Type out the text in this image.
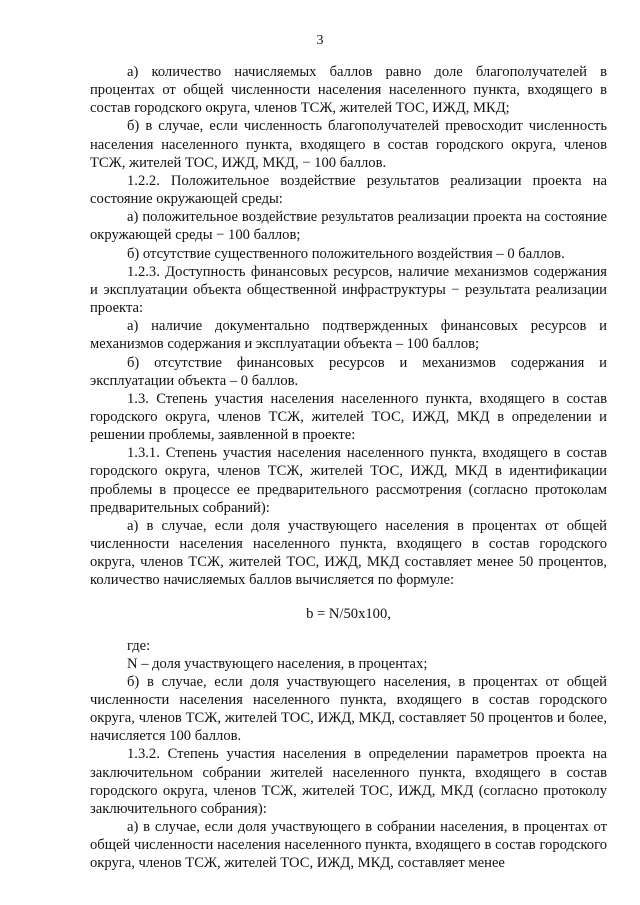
3

а) количество начисляемых баллов равно доле благополучателей в процентах от общей численности населения населенного пункта, входящего в состав городского округа, членов ТСЖ, жителей ТОС, ИЖД, МКД;

б) в случае, если численность благополучателей превосходит численность населения населенного пункта, входящего в состав городского округа, членов ТСЖ, жителей ТОС, ИЖД, МКД, − 100 баллов.

1.2.2. Положительное воздействие результатов реализации проекта на состояние окружающей среды:

а) положительное воздействие результатов реализации проекта на состояние окружающей среды − 100 баллов;

б) отсутствие существенного положительного воздействия – 0 баллов.

1.2.3. Доступность финансовых ресурсов, наличие механизмов содержания и эксплуатации объекта общественной инфраструктуры − результата реализации проекта:

а) наличие документально подтвержденных финансовых ресурсов и механизмов содержания и эксплуатации объекта – 100 баллов;

б) отсутствие финансовых ресурсов и механизмов содержания и эксплуатации объекта – 0 баллов.

1.3. Степень участия населения населенного пункта, входящего в состав городского округа, членов ТСЖ, жителей ТОС, ИЖД, МКД в определении и решении проблемы, заявленной в проекте:

1.3.1. Степень участия населения населенного пункта, входящего в состав городского округа, членов ТСЖ, жителей ТОС, ИЖД, МКД в идентификации проблемы в процессе ее предварительного рассмотрения (согласно протоколам предварительных собраний):

а) в случае, если доля участвующего населения в процентах от общей численности населения населенного пункта, входящего в состав городского округа, членов ТСЖ, жителей ТОС, ИЖД, МКД составляет менее 50 процентов, количество начисляемых баллов вычисляется по формуле:

b = N/50x100,

где:

N – доля участвующего населения, в процентах;

б) в случае, если доля участвующего населения, в процентах от общей численности населения населенного пункта, входящего в состав городского округа, членов ТСЖ, жителей ТОС, ИЖД, МКД, составляет 50 процентов и более, начисляется 100 баллов.

1.3.2. Степень участия населения в определении параметров проекта на заключительном собрании жителей населенного пункта, входящего в состав городского округа, членов ТСЖ, жителей ТОС, ИЖД, МКД (согласно протоколу заключительного собрания):

а) в случае, если доля участвующего в собрании населения, в процентах от общей численности населения населенного пункта, входящего в состав городского округа, членов ТСЖ, жителей ТОС, ИЖД, МКД, составляет менее
